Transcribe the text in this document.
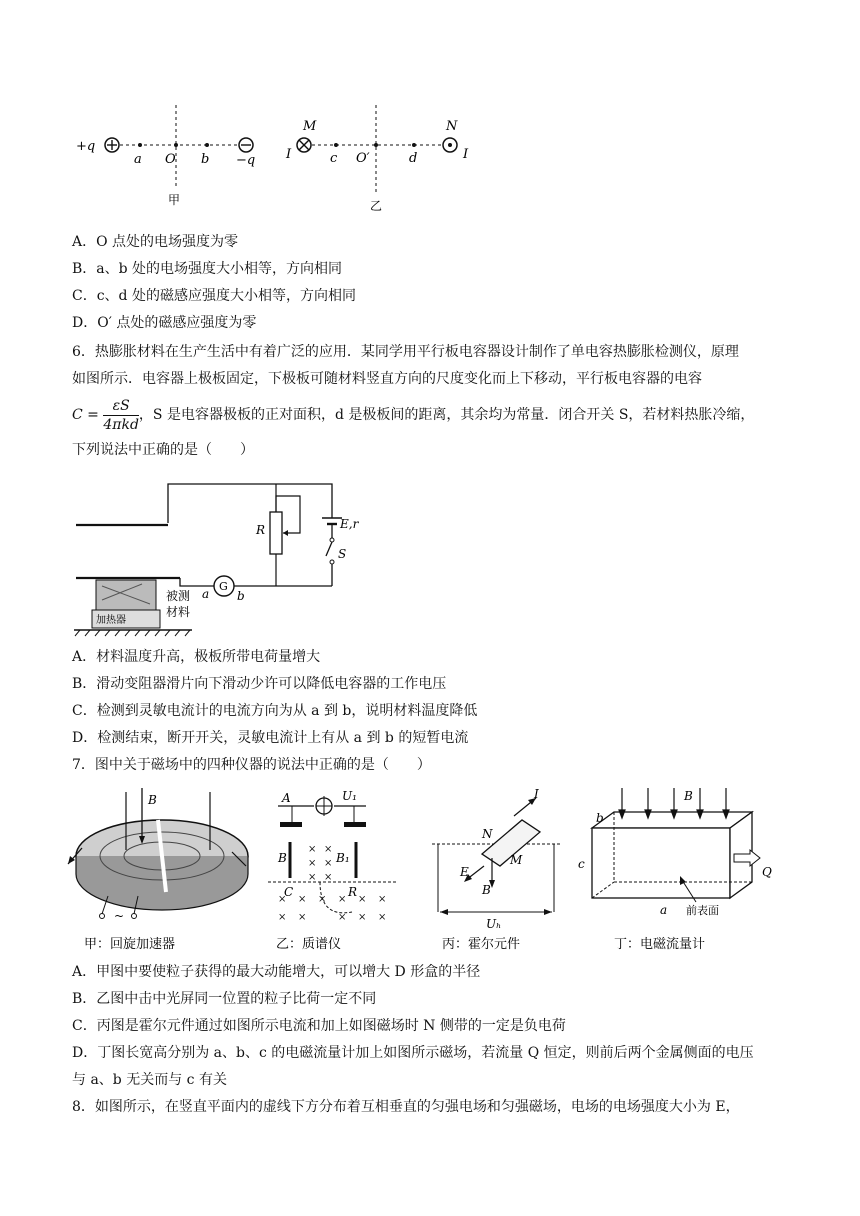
+q
a O b −q
甲
M
I	c O′	d
N
I
乙
A．O 点处的电场强度为零
B．a、b 处的电场强度大小相等，方向相同
C．c、d 处的磁感应强度大小相等，方向相同
D．O′ 点处的磁感应强度为零
6．热膨胀材料在生产生活中有着广泛的应用．某同学用平行板电容器设计制作了单电容热膨胀检测仪，原理
如图所示．电容器上极板固定，下极板可随材料竖直方向的尺度变化而上下移动，平行板电容器的电容
$C = \frac{\varepsilon S}{\text{4πkd}}$ ，S 是电容器极板的正对面积，d 是极板间的距离，其余均为常量．闭合开关 S，若材料热胀冷缩，
下列说法中正确的是（　　）
R	E,r
S
G
a b
加热器
被测
材料
A．材料温度升高，极板所带电荷量增大
B．滑动变阻器滑片向下滑动少许可以降低电容器的工作电压
C．检测到灵敏电流计的电流方向为从 a 到 b，说明材料温度降低
D．检测结束，断开开关，灵敏电流计上有从 a 到 b 的短暂电流
7．图中关于磁场中的四种仪器的说法中正确的是（　　）
B
~
A	U₁
B	B₁
× ×
× ×
× ×
× × × × × ×
× ×	× × ×
C	R
I
N
M
B
E
Uₕ
B
b
c
a 前表面
Q
甲：回旋加速器	乙：质谱仪	丙：霍尔元件	丁：电磁流量计
A．甲图中要使粒子获得的最大动能增大，可以增大 D 形盒的半径
B．乙图中击中光屏同一位置的粒子比荷一定不同
C．丙图是霍尔元件通过如图所示电流和加上如图磁场时 N 侧带的一定是负电荷
D．丁图长宽高分别为 a、b、c 的电磁流量计加上如图所示磁场，若流量 Q 恒定，则前后两个金属侧面的电压
与 a、b 无关而与 c 有关
8．如图所示，在竖直平面内的虚线下方分布着互相垂直的匀强电场和匀强磁场，电场的电场强度大小为 E，
